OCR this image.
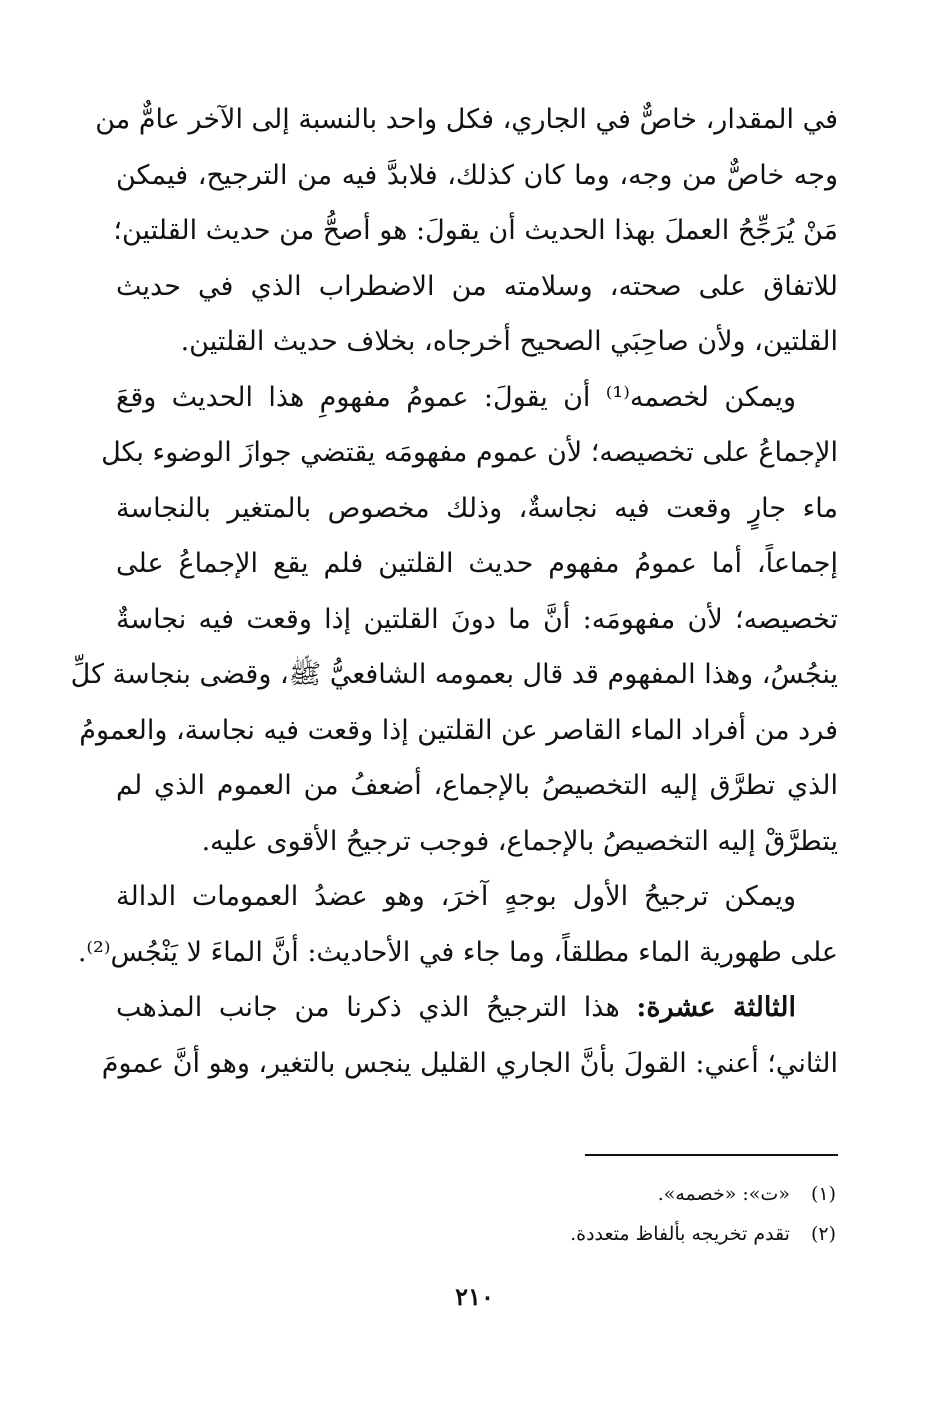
في المقدار، خاصٌّ في الجاري، فكل واحد بالنسبة إلى الآخر عامٌّ من
وجه خاصٌّ من وجه، وما كان كذلك، فلابدَّ فيه من الترجيح، فيمكن
مَنْ يُرَجِّحُ العملَ بهذا الحديث أن يقولَ: هو أصحُّ من حديث القلتين؛
للاتفاق على صحته، وسلامته من الاضطراب الذي في حديث
القلتين، ولأن صاحِبَي الصحيح أخرجاه، بخلاف حديث القلتين.

ويمكن لخصمه⁽¹⁾ أن يقولَ: عمومُ مفهومِ هذا الحديث وقعَ
الإجماعُ على تخصيصه؛ لأن عموم مفهومَه يقتضي جوازَ الوضوء بكل
ماء جارٍ وقعت فيه نجاسةٌ، وذلك مخصوص بالمتغير بالنجاسة
إجماعاً، أما عمومُ مفهوم حديث القلتين فلم يقع الإجماعُ على
تخصيصه؛ لأن مفهومَه: أنَّ ما دونَ القلتين إذا وقعت فيه نجاسةٌ
ينجُسُ، وهذا المفهوم قد قال بعمومه الشافعيُّ ﷺ، وقضى بنجاسة كلِّ
فرد من أفراد الماء القاصر عن القلتين إذا وقعت فيه نجاسة، والعمومُ
الذي تطرَّق إليه التخصيصُ بالإجماع، أضعفُ من العموم الذي لم
يتطرَّقْ إليه التخصيصُ بالإجماع، فوجب ترجيحُ الأقوى عليه.

ويمكن ترجيحُ الأول بوجهٍ آخرَ، وهو عضدُ العمومات الدالة
على طهورية الماء مطلقاً، وما جاء في الأحاديث: أنَّ الماءَ لا يَنْجُس⁽²⁾.

الثالثة عشرة: هذا الترجيحُ الذي ذكرنا من جانب المذهب
الثاني؛ أعني: القولَ بأنَّ الجاري القليل ينجس بالتغير، وهو أنَّ عمومَ

(١) «ت»: «خصمه».
(٢) تقدم تخريجه بألفاظ متعددة.
٢١٠
